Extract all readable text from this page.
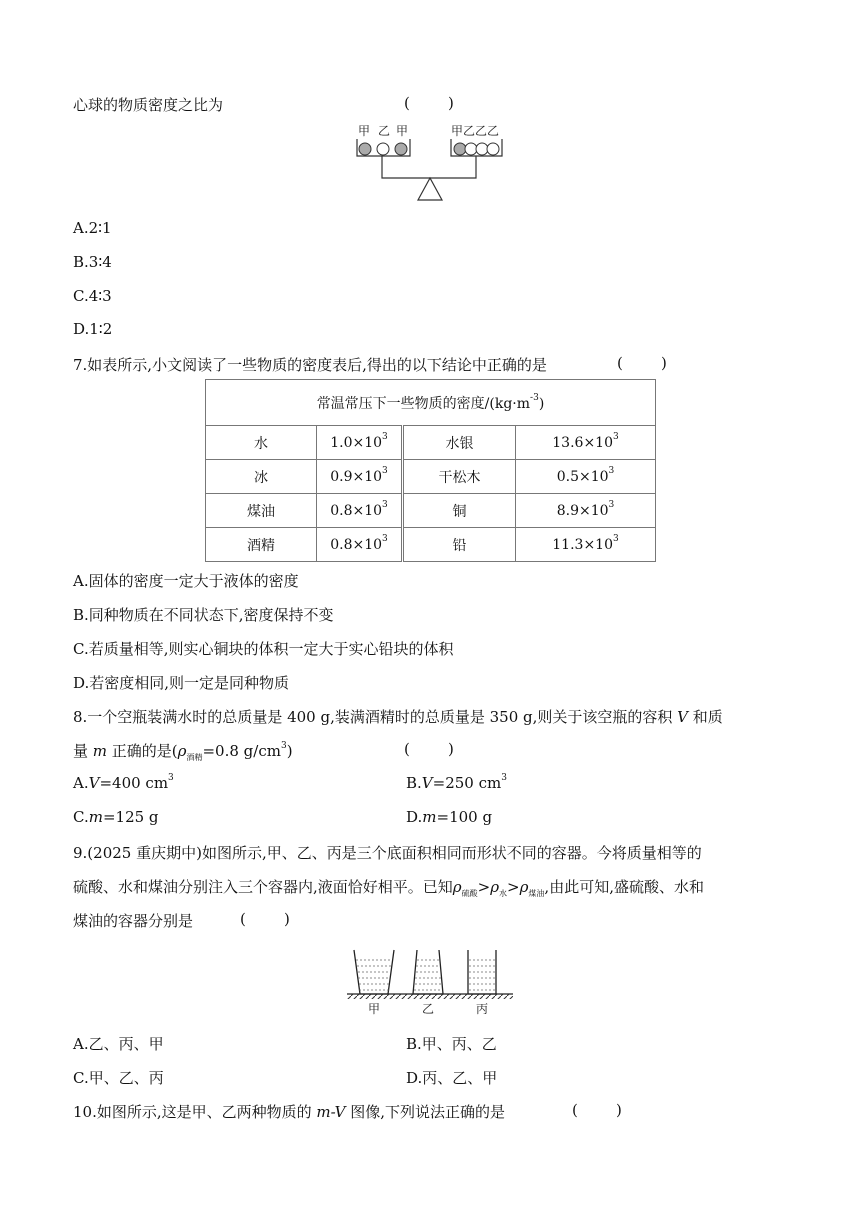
心球的物质密度之比为	(        )
甲 乙 甲	甲乙乙乙
A.2∶1
B.3∶4
C.4∶3
D.1∶2
7.如表所示,小文阅读了一些物质的密度表后,得出的以下结论中正确的是	(        )
常温常压下一些物质的密度$/(kg\cdot m^{-3})$			
水	$1.0\times 10^3$	水银	$13.6\times 10^3$
冰	$0.9\times 10^3$	干松木	$0.5\times 10^3$
煤油	$0.8\times 10^3$	铜	$8.9\times 10^3$
酒精	$0.8\times 10^3$	铅	$11.3\times 10^3$
A.固体的密度一定大于液体的密度
B.同种物质在不同状态下,密度保持不变
C.若质量相等,则实心铜块的体积一定大于实心铅块的体积
D.若密度相同,则一定是同种物质
8.一个空瓶装满水时的总质量是 400 g,装满酒精时的总质量是 350 g,则关于该空瓶的容积 V 和质
量 m 正确的是($\rho_{酒精}=0.8$ $g/cm^3$)	(        )
A.V=400 $cm^3$	B.V=250 $cm^3$
C.m=125 g	D.m=100 g
9.(2025 重庆期中)如图所示,甲、乙、丙是三个底面积相同而形状不同的容器。今将质量相等的
硫酸、水和煤油分别注入三个容器内,液面恰好相平。已知$\rho_{硫酸}>\rho_水>\rho_{煤油}$,由此可知,盛硫酸、水和
煤油的容器分别是	(        )
甲	乙	丙
A.乙、丙、甲	B.甲、丙、乙
C.甲、乙、丙	D.丙、乙、甲
10.如图所示,这是甲、乙两种物质的 m-V 图像,下列说法正确的是	(        )
